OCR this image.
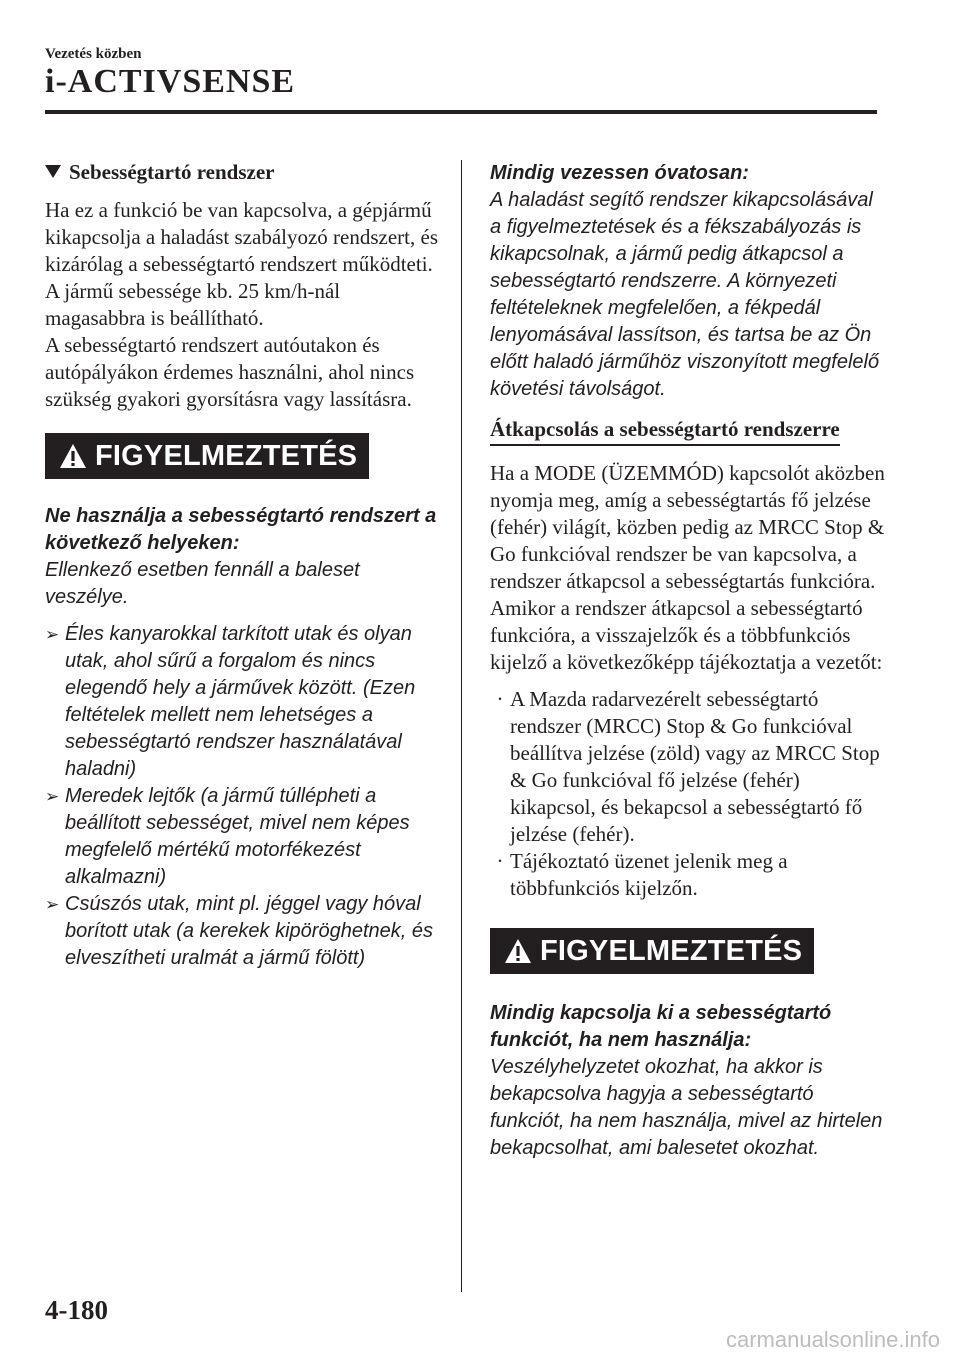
Vezetés közben
i-ACTIVSENSE
Sebességtartó rendszer

Ha ez a funkció be van kapcsolva, a gépjármű kikapcsolja a haladást szabályozó rendszert, és kizárólag a sebességtartó rendszert működteti.

A jármű sebessége kb. 25 km/h-nál magasabbra is beállítható.

A sebességtartó rendszert autóutakon és autópályákon érdemes használni, ahol nincs szükség gyakori gyorsításra vagy lassításra.

FIGYELMEZTETÉS

Ne használja a sebességtartó rendszert a következő helyeken:

Ellenkező esetben fennáll a baleset veszélye.

➢ Éles kanyarokkal tarkított utak és olyan utak, ahol sűrű a forgalom és nincs elegendő hely a járművek között. (Ezen feltételek mellett nem lehetséges a sebességtartó rendszer használatával haladni)

➢ Meredek lejtők (a jármű túllépheti a beállított sebességet, mivel nem képes megfelelő mértékű motorfékezést alkalmazni)

➢ Csúszós utak, mint pl. jéggel vagy hóval borított utak (a kerekek kipöröghetnek, és elveszítheti uralmát a jármű fölött)

Mindig vezessen óvatosan:

A haladást segítő rendszer kikapcsolásával a figyelmeztetések és a fékszabályozás is kikapcsolnak, a jármű pedig átkapcsol a sebességtartó rendszerre. A környezeti feltételeknek megfelelően, a fékpedál lenyomásával lassítson, és tartsa be az Ön előtt haladó járműhöz viszonyított megfelelő követési távolságot.

Átkapcsolás a sebességtartó rendszerre

Ha a MODE (ÜZEMMÓD) kapcsolót aközben nyomja meg, amíg a sebességtartás fő jelzése (fehér) világít, közben pedig az MRCC Stop & Go funkcióval rendszer be van kapcsolva, a rendszer átkapcsol a sebességtartás funkcióra.

Amikor a rendszer átkapcsol a sebességtartó funkcióra, a visszajelzők és a többfunkciós kijelző a következőképp tájékoztatja a vezetőt:

· A Mazda radarvezérelt sebességtartó rendszer (MRCC) Stop & Go funkcióval beállítva jelzése (zöld) vagy az MRCC Stop & Go funkcióval fő jelzése (fehér) kikapcsol, és bekapcsol a sebességtartó fő jelzése (fehér).

· Tájékoztató üzenet jelenik meg a többfunkciós kijelzőn.

FIGYELMEZTETÉS

Mindig kapcsolja ki a sebességtartó funkciót, ha nem használja:

Veszélyhelyzetet okozhat, ha akkor is bekapcsolva hagyja a sebességtartó funkciót, ha nem használja, mivel az hirtelen bekapcsolhat, ami balesetet okozhat.

4-180
carmanualsonline.info
